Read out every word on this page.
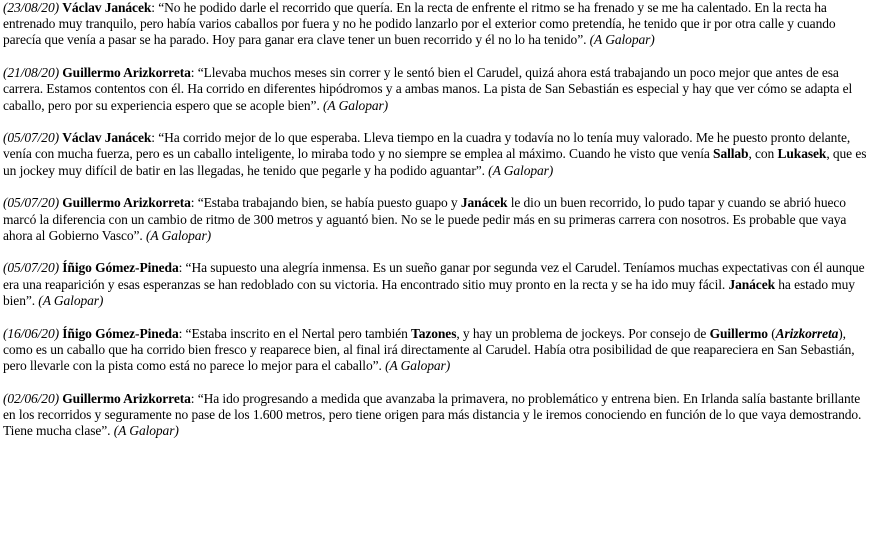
(23/08/20) Václav Janácek: “No he podido darle el recorrido que quería. En la recta de enfrente el ritmo se ha frenado y se me ha calentado. En la recta ha entrenado muy tranquilo, pero había varios caballos por fuera y no he podido lanzarlo por el exterior como pretendía, he tenido que ir por otra calle y cuando parecía que venía a pasar se ha parado. Hoy para ganar era clave tener un buen recorrido y él no lo ha tenido”. (A Galopar)

(21/08/20) Guillermo Arizkorreta: “Llevaba muchos meses sin correr y le sentó bien el Carudel, quizá ahora está trabajando un poco mejor que antes de esa carrera. Estamos contentos con él. Ha corrido en diferentes hipódromos y a ambas manos. La pista de San Sebastián es especial y hay que ver cómo se adapta el caballo, pero por su experiencia espero que se acople bien”. (A Galopar)

(05/07/20) Václav Janácek: “Ha corrido mejor de lo que esperaba. Lleva tiempo en la cuadra y todavía no lo tenía muy valorado. Me he puesto pronto delante, venía con mucha fuerza, pero es un caballo inteligente, lo miraba todo y no siempre se emplea al máximo. Cuando he visto que venía Sallab, con Lukasek, que es un jockey muy difícil de batir en las llegadas, he tenido que pegarle y ha podido aguantar”. (A Galopar)

(05/07/20) Guillermo Arizkorreta: “Estaba trabajando bien, se había puesto guapo y Janácek le dio un buen recorrido, lo pudo tapar y cuando se abrió hueco marcó la diferencia con un cambio de ritmo de 300 metros y aguantó bien. No se le puede pedir más en su primeras carrera con nosotros. Es probable que vaya ahora al Gobierno Vasco”. (A Galopar)

(05/07/20) Íñigo Gómez-Pineda: “Ha supuesto una alegría inmensa. Es un sueño ganar por segunda vez el Carudel. Teníamos muchas expectativas con él aunque era una reaparición y esas esperanzas se han redoblado con su victoria. Ha encontrado sitio muy pronto en la recta y se ha ido muy fácil. Janácek ha estado muy bien”. (A Galopar)

(16/06/20) Íñigo Gómez-Pineda: “Estaba inscrito en el Nertal pero también Tazones, y hay un problema de jockeys. Por consejo de Guillermo (Arizkorreta), como es un caballo que ha corrido bien fresco y reaparece bien, al final irá directamente al Carudel. Había otra posibilidad de que reapareciera en San Sebastián, pero llevarle con la pista como está no parece lo mejor para el caballo”. (A Galopar)

(02/06/20) Guillermo Arizkorreta: “Ha ido progresando a medida que avanzaba la primavera, no problemático y entrena bien. En Irlanda salía bastante brillante en los recorridos y seguramente no pase de los 1.600 metros, pero tiene origen para más distancia y le iremos conociendo en función de lo que vaya demostrando. Tiene mucha clase”. (A Galopar)
